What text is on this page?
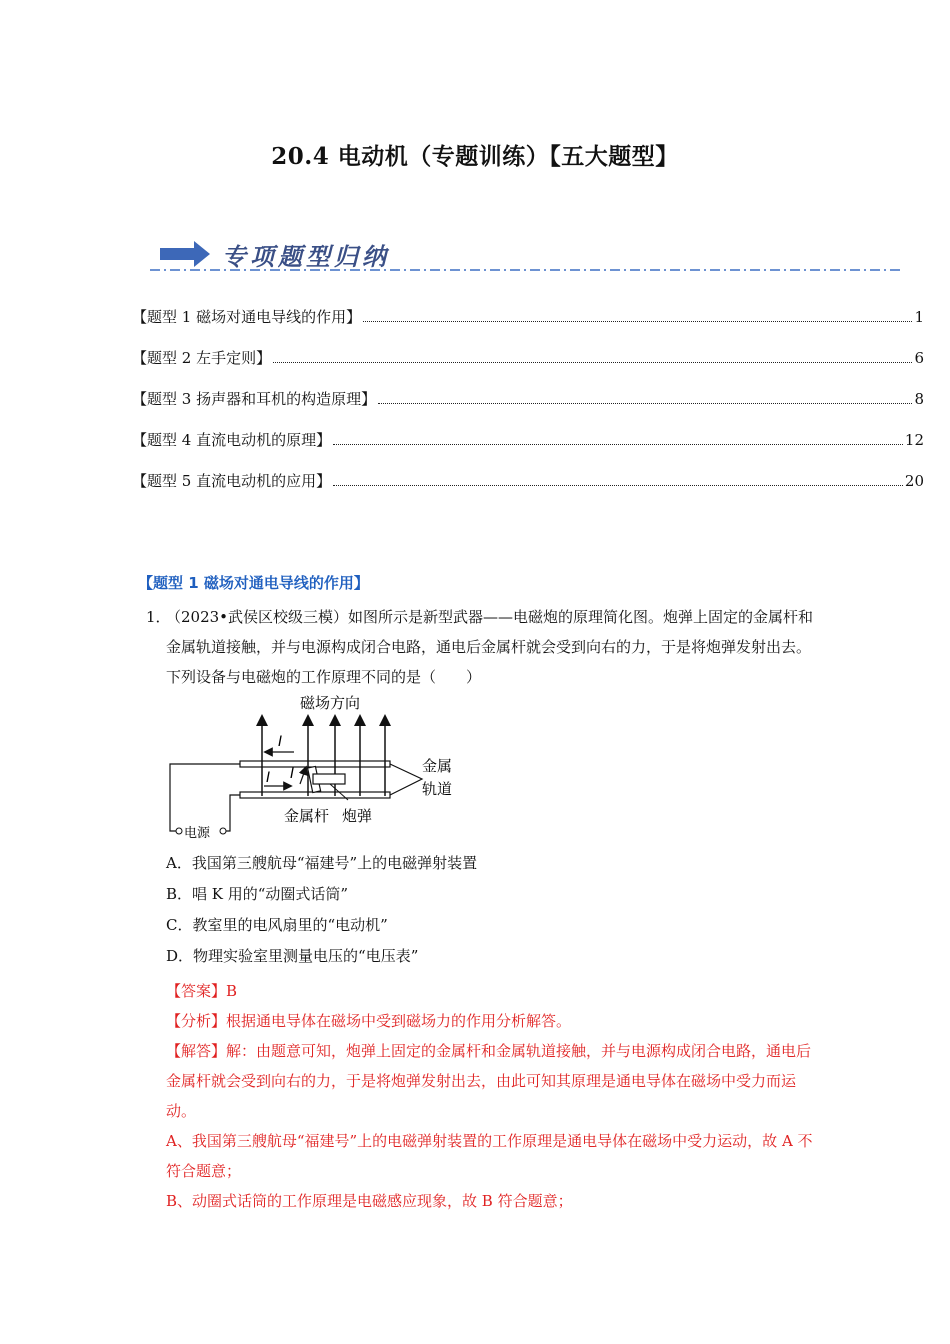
20.4 电动机（专题训练）【五大题型】
专项题型归纳
【题型 1 磁场对通电导线的作用】	1
【题型 2 左手定则】	6
【题型 3 扬声器和耳机的构造原理】	8
【题型 4 直流电动机的原理】	12
【题型 5 直流电动机的应用】	20
【题型 1 磁场对通电导线的作用】
1．
（2023•武侯区校级三模）如图所示是新型武器——电磁炮的原理简化图。炮弹上固定的金属杆和金属轨道接触，并与电源构成闭合电路，通电后金属杆就会受到向右的力，于是将炮弹发射出去。下列设备与电磁炮的工作原理不同的是（　　）
电源
磁场方向
I
I I
金属杆 炮弹
金属
轨道
A．我国第三艘航母“福建号”上的电磁弹射装置
B．唱 K 用的“动圈式话筒”
C．教室里的电风扇里的“电动机”
D．物理实验室里测量电压的“电压表”

【答案】B

【分析】根据通电导体在磁场中受到磁场力的作用分析解答。

【解答】解：由题意可知，炮弹上固定的金属杆和金属轨道接触，并与电源构成闭合电路，通电后金属杆就会受到向右的力，于是将炮弹发射出去，由此可知其原理是通电导体在磁场中受力而运动。

A、我国第三艘航母“福建号”上的电磁弹射装置的工作原理是通电导体在磁场中受力运动，故 A 不符合题意；

B、动圈式话筒的工作原理是电磁感应现象，故 B 符合题意；
